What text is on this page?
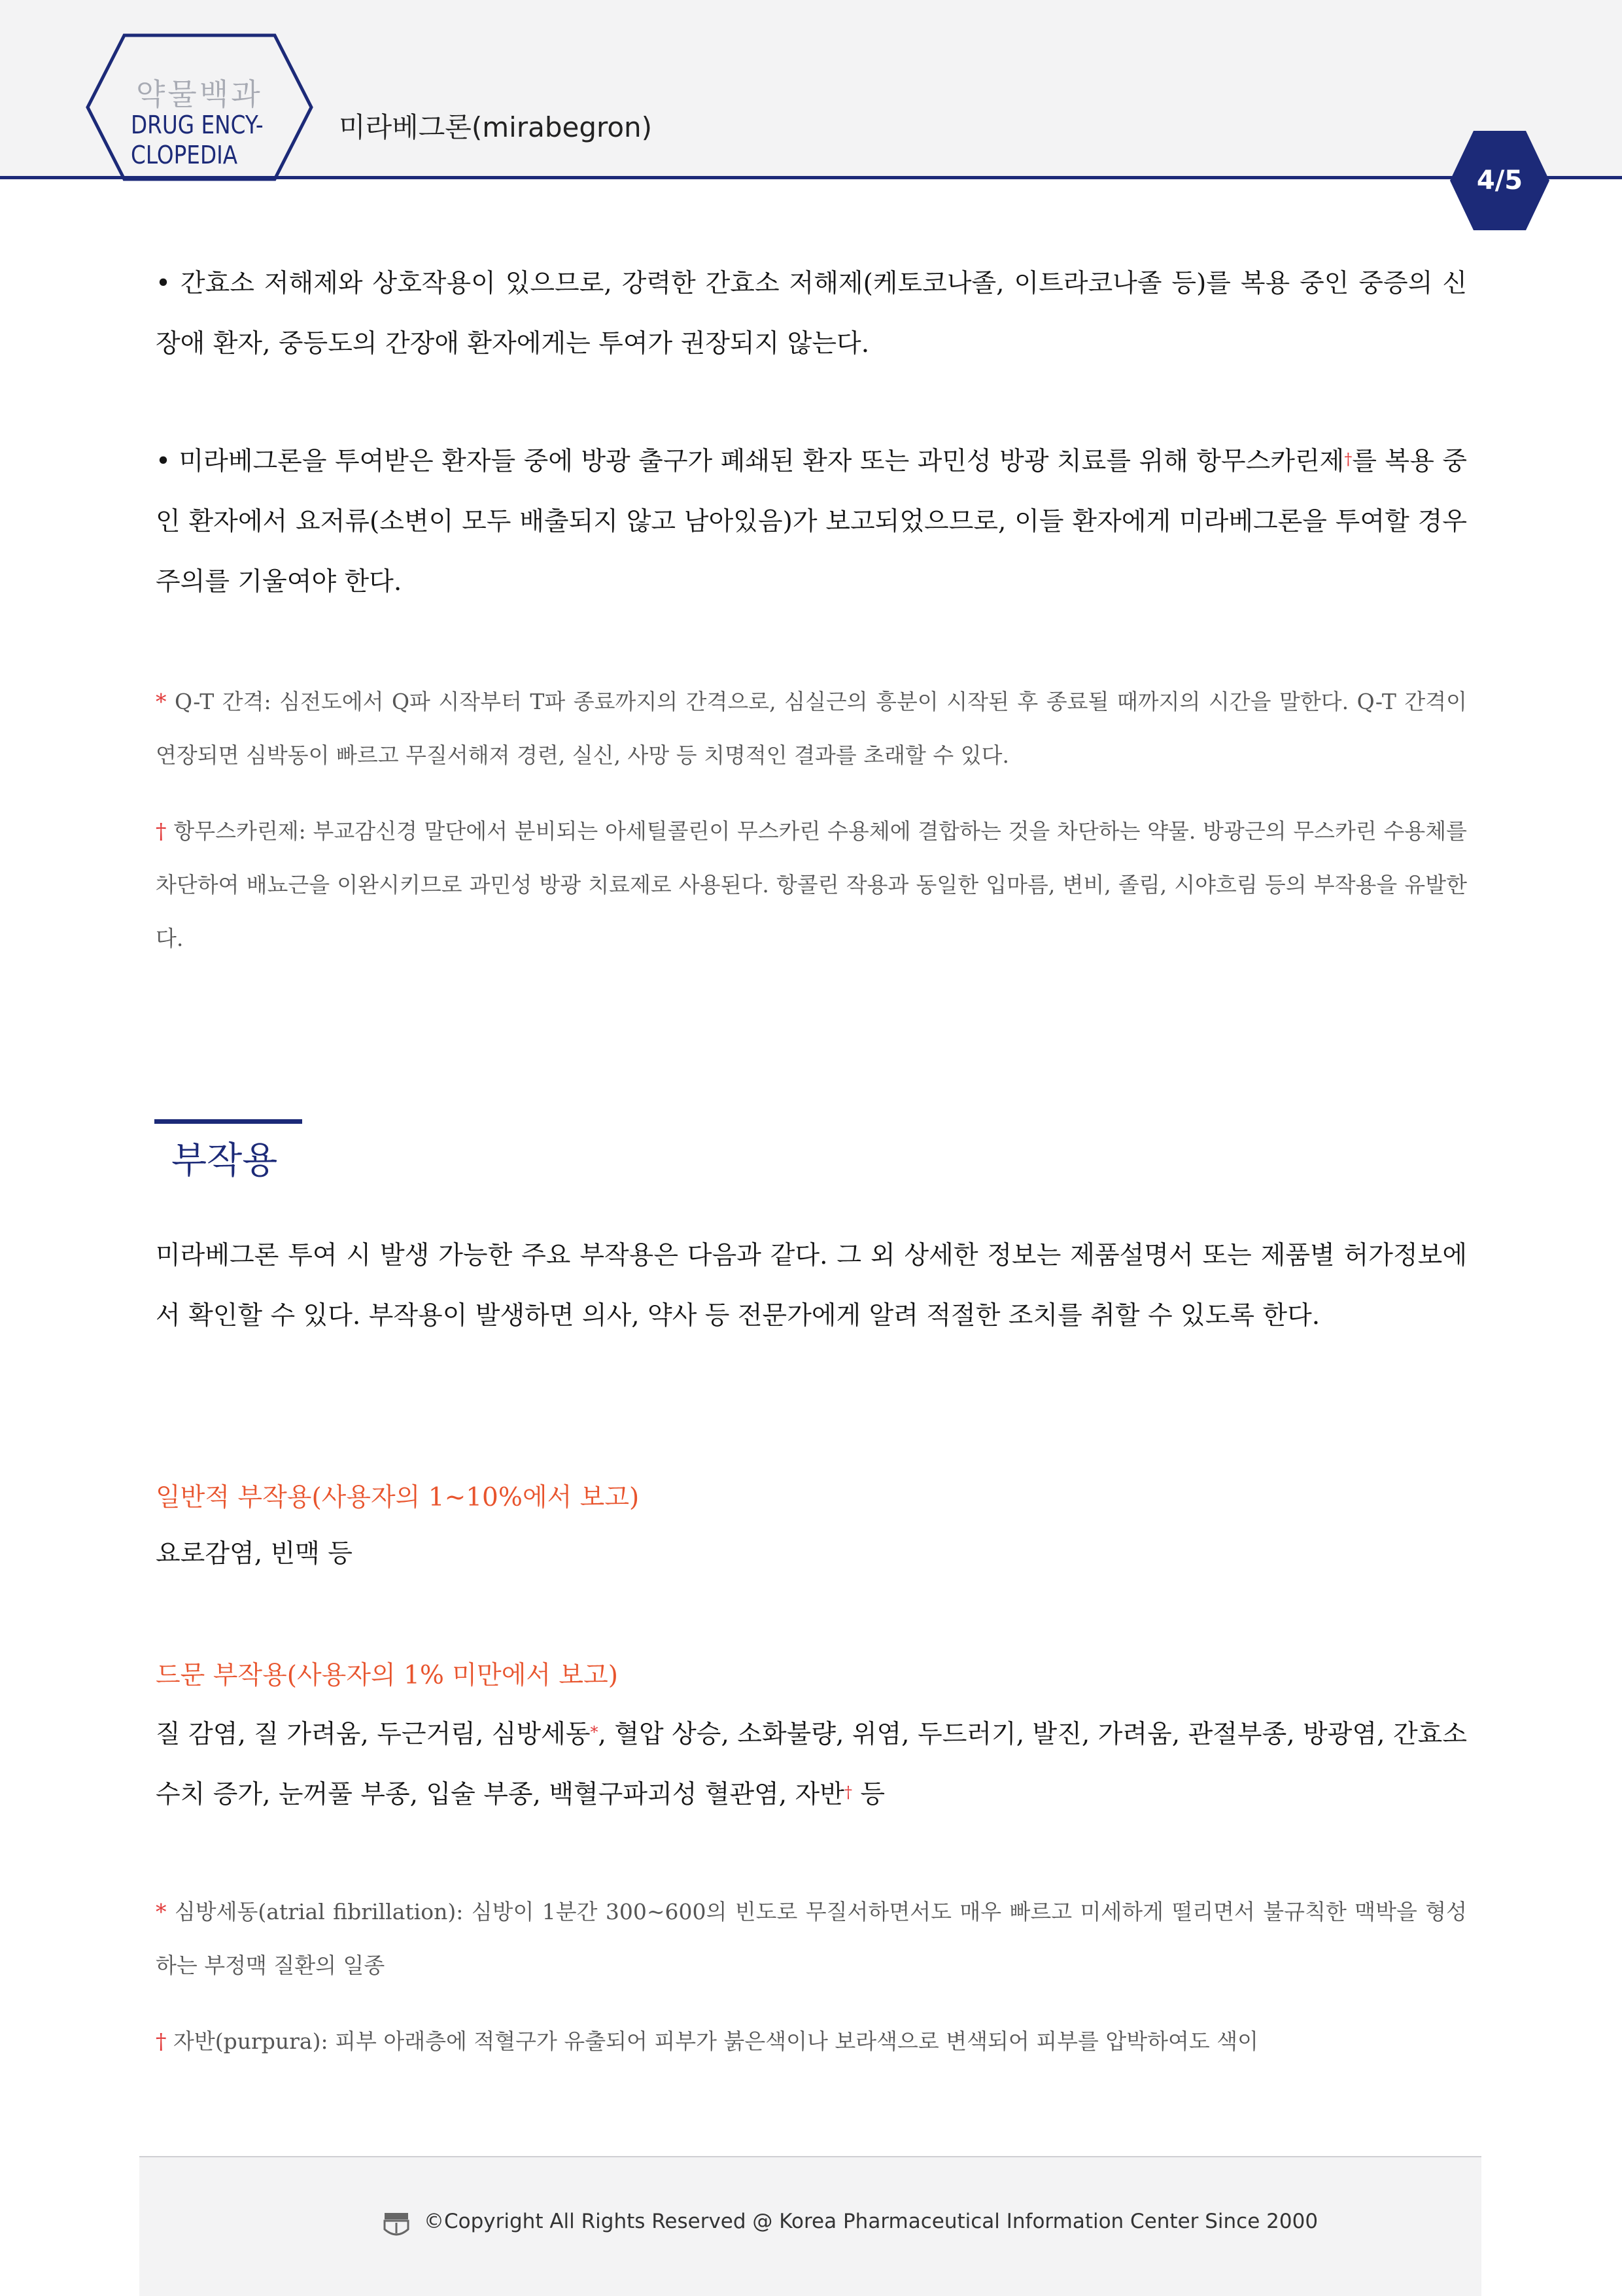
약물백과
DRUG ENCY-
CLOPEDIA
미라베그론(mirabegron)
4/5
• 간효소 저해제와 상호작용이 있으므로, 강력한 간효소 저해제(케토코나졸, 이트라코나졸 등)를 복용 중인 중증의 신장애 환자, 중등도의 간장애 환자에게는 투여가 권장되지 않는다.
• 미라베그론을 투여받은 환자들 중에 방광 출구가 폐쇄된 환자 또는 과민성 방광 치료를 위해 항무스카린제†를 복용 중인 환자에서 요저류(소변이 모두 배출되지 않고 남아있음)가 보고되었으므로, 이들 환자에게 미라베그론을 투여할 경우 주의를 기울여야 한다.
* Q-T 간격: 심전도에서 Q파 시작부터 T파 종료까지의 간격으로, 심실근의 흥분이 시작된 후 종료될 때까지의 시간을 말한다. Q-T 간격이 연장되면 심박동이 빠르고 무질서해져 경련, 실신, 사망 등 치명적인 결과를 초래할 수 있다.
† 항무스카린제: 부교감신경 말단에서 분비되는 아세틸콜린이 무스카린 수용체에 결합하는 것을 차단하는 약물. 방광근의 무스카린 수용체를 차단하여 배뇨근을 이완시키므로 과민성 방광 치료제로 사용된다. 항콜린 작용과 동일한 입마름, 변비, 졸림, 시야흐림 등의 부작용을 유발한다.
부작용
미라베그론 투여 시 발생 가능한 주요 부작용은 다음과 같다. 그 외 상세한 정보는 제품설명서 또는 제품별 허가정보에서 확인할 수 있다. 부작용이 발생하면 의사, 약사 등 전문가에게 알려 적절한 조치를 취할 수 있도록 한다.
일반적 부작용(사용자의 1~10%에서 보고)
요로감염, 빈맥 등
드문 부작용(사용자의 1% 미만에서 보고)
질 감염, 질 가려움, 두근거림, 심방세동*, 혈압 상승, 소화불량, 위염, 두드러기, 발진, 가려움, 관절부종, 방광염, 간효소수치 증가, 눈꺼풀 부종, 입술 부종, 백혈구파괴성 혈관염, 자반† 등
* 심방세동(atrial fibrillation): 심방이 1분간 300~600의 빈도로 무질서하면서도 매우 빠르고 미세하게 떨리면서 불규칙한 맥박을 형성하는 부정맥 질환의 일종
† 자반(purpura): 피부 아래층에 적혈구가 유출되어 피부가 붉은색이나 보라색으로 변색되어 피부를 압박하여도 색이
©Copyright All Rights Reserved @ Korea Pharmaceutical Information Center Since 2000
